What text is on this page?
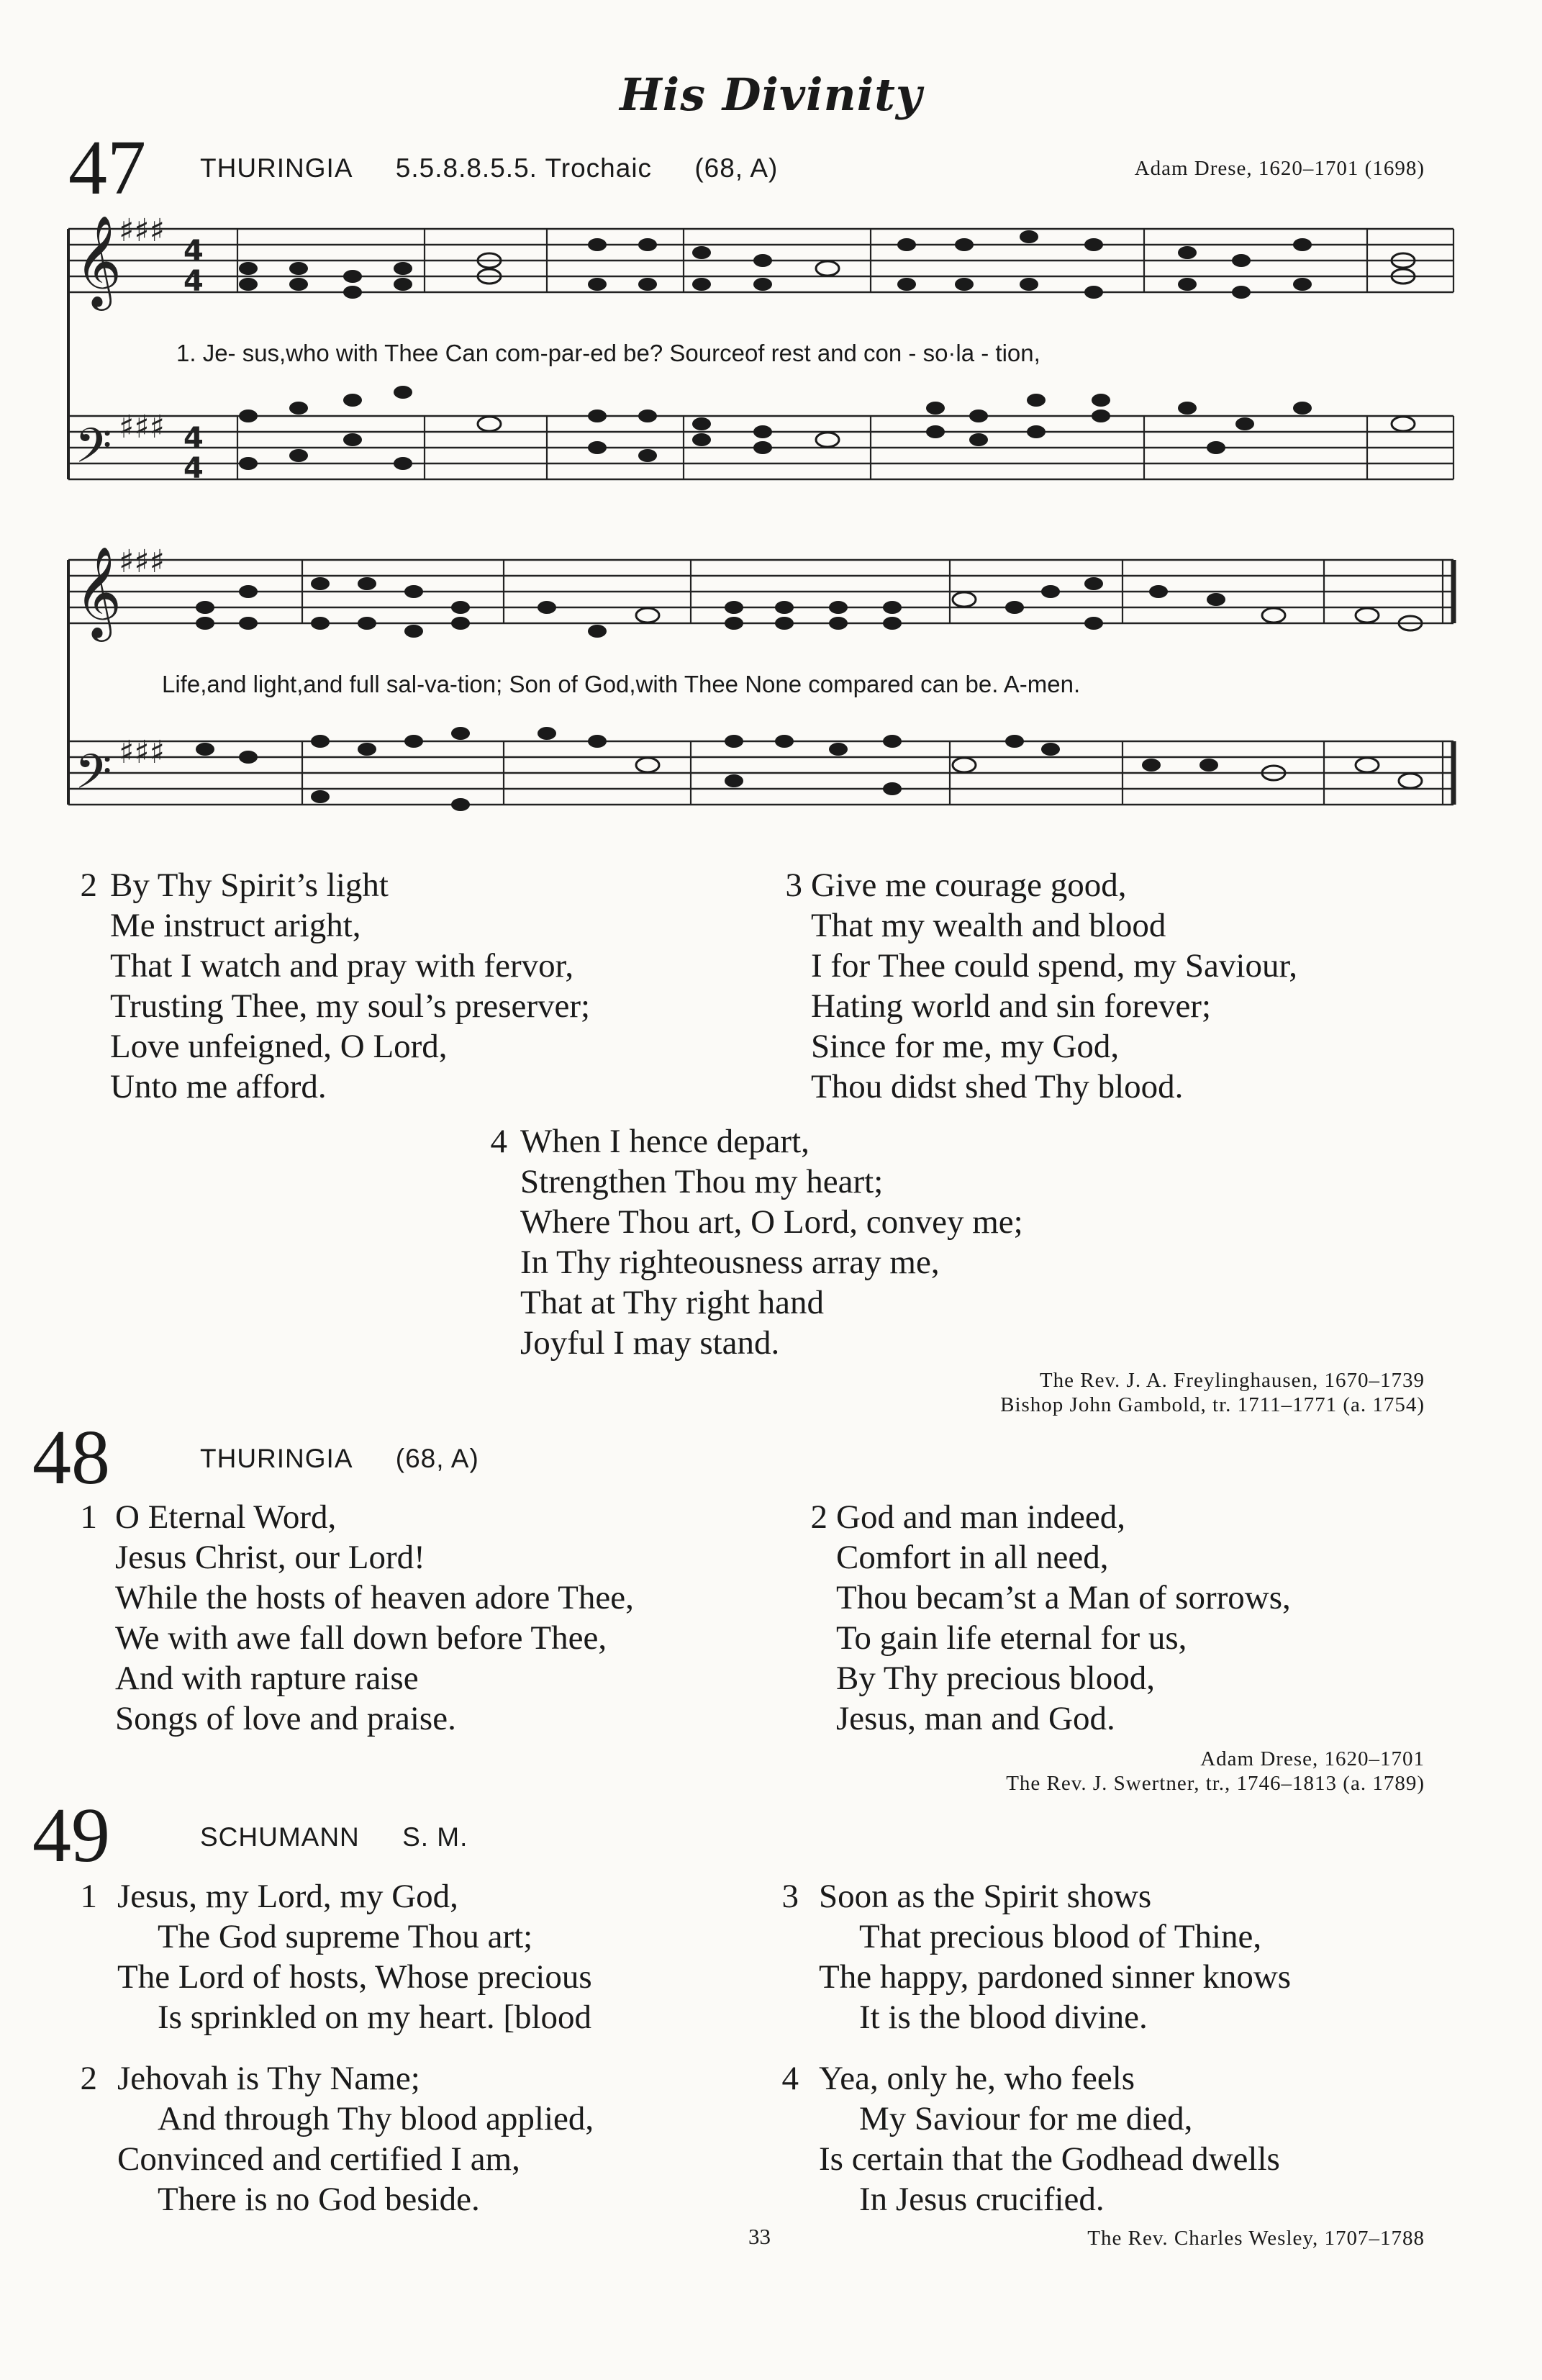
His Divinity
47 THURINGIA 5.5.8.8.5.5. Trochaic (68, A)	Adam Drese, 1620–1701 (1698)
𝄞
𝄢
𝄞
𝄢
♯♯♯
♯♯♯
♯♯♯
♯♯♯
4
4
4
4
1. Je- sus,who with Thee Can com-par-ed be? Sourceof rest and con - so·la - tion,
Life,and light,and full sal-va-tion; Son of God,with Thee None compared can be. A-men.
2 By Thy Spirit’s light
Me instruct aright,
That I watch and pray with fervor,
Trusting Thee, my soul’s preserver;
Love unfeigned, O Lord,
Unto me afford.
3 Give me courage good,
That my wealth and blood
I for Thee could spend, my Saviour,
Hating world and sin forever;
Since for me, my God,
Thou didst shed Thy blood.
4 When I hence depart,
Strengthen Thou my heart;
Where Thou art, O Lord, convey me;
In Thy righteousness array me,
That at Thy right hand
Joyful I may stand.
The Rev. J. A. Freylinghausen, 1670–1739
Bishop John Gambold, tr. 1711–1771 (a. 1754)
48	THURINGIA (68, A)
1 O Eternal Word,
Jesus Christ, our Lord!
While the hosts of heaven adore Thee,
We with awe fall down before Thee,
And with rapture raise
Songs of love and praise.
2 God and man indeed,
Comfort in all need,
Thou becam’st a Man of sorrows,
To gain life eternal for us,
By Thy precious blood,
Jesus, man and God.
Adam Drese, 1620–1701
The Rev. J. Swertner, tr., 1746–1813 (a. 1789)
49	SCHUMANN S. M.
1 Jesus, my Lord, my God,
The God supreme Thou art;
The Lord of hosts, Whose precious
Is sprinkled on my heart. [blood
3 Soon as the Spirit shows
That precious blood of Thine,
The happy, pardoned sinner knows
It is the blood divine.
2 Jehovah is Thy Name;
And through Thy blood applied,
Convinced and certified I am,
There is no God beside.
4 Yea, only he, who feels
My Saviour for me died,
Is certain that the Godhead dwells
In Jesus crucified.
33	The Rev. Charles Wesley, 1707–1788
